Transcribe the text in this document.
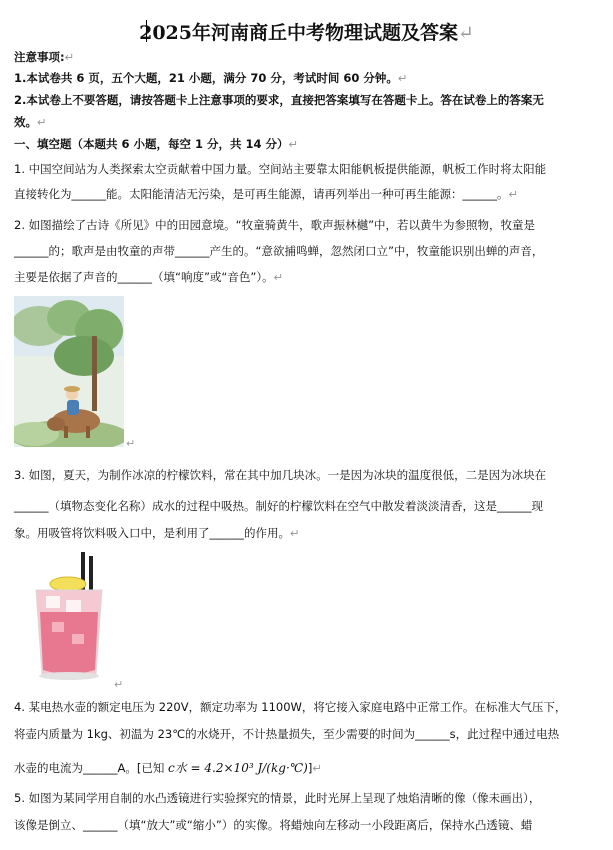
2025年河南商丘中考物理试题及答案↵
注意事项:↵
1.本试卷共 6 页，五个大题，21 小题，满分 70 分，考试时间 60 分钟。↵
2.本试卷上不要答题，请按答题卡上注意事项的要求，直接把答案填写在答题卡上。答在试卷上的答案无
效。↵
一、填空题（本题共 6 小题，每空 1 分，共 14 分）↵
1. 中国空间站为人类探索太空贡献着中国力量。空间站主要靠太阳能帆板提供能源，帆板工作时将太阳能
直接转化为______能。太阳能清洁无污染，是可再生能源，请再列举出一种可再生能源：______。↵
2. 如图描绘了古诗《所见》中的田园意境。“牧童骑黄牛，歌声振林樾”中，若以黄牛为参照物，牧童是
______的；歌声是由牧童的声带______产生的。“意欲捕鸣蝉，忽然闭口立”中，牧童能识别出蝉的声音，
主要是依据了声音的______（填“响度”或“音色”）。↵
↵
3. 如图，夏天，为制作冰凉的柠檬饮料，常在其中加几块冰。一是因为冰块的温度很低，二是因为冰块在
______（填物态变化名称）成水的过程中吸热。制好的柠檬饮料在空气中散发着淡淡清香，这是______现
象。用吸管将饮料吸入口中，是利用了______的作用。↵
↵
4. 某电热水壶的额定电压为 220V，额定功率为 1100W，将它接入家庭电路中正常工作。在标准大气压下，
将壶内质量为 1kg、初温为 23℃的水烧开，不计热量损失，至少需要的时间为______s，此过程中通过电热
水壶的电流为______A。[已知 c水 = 4.2×10³ J/(kg·℃)]↵
5. 如图为某同学用自制的水凸透镜进行实验探究的情景，此时光屏上呈现了烛焰清晰的像（像未画出），
该像是倒立、______（填“放大”或“缩小”）的实像。将蜡烛向左移动一小段距离后，保持水凸透镜、蜡
